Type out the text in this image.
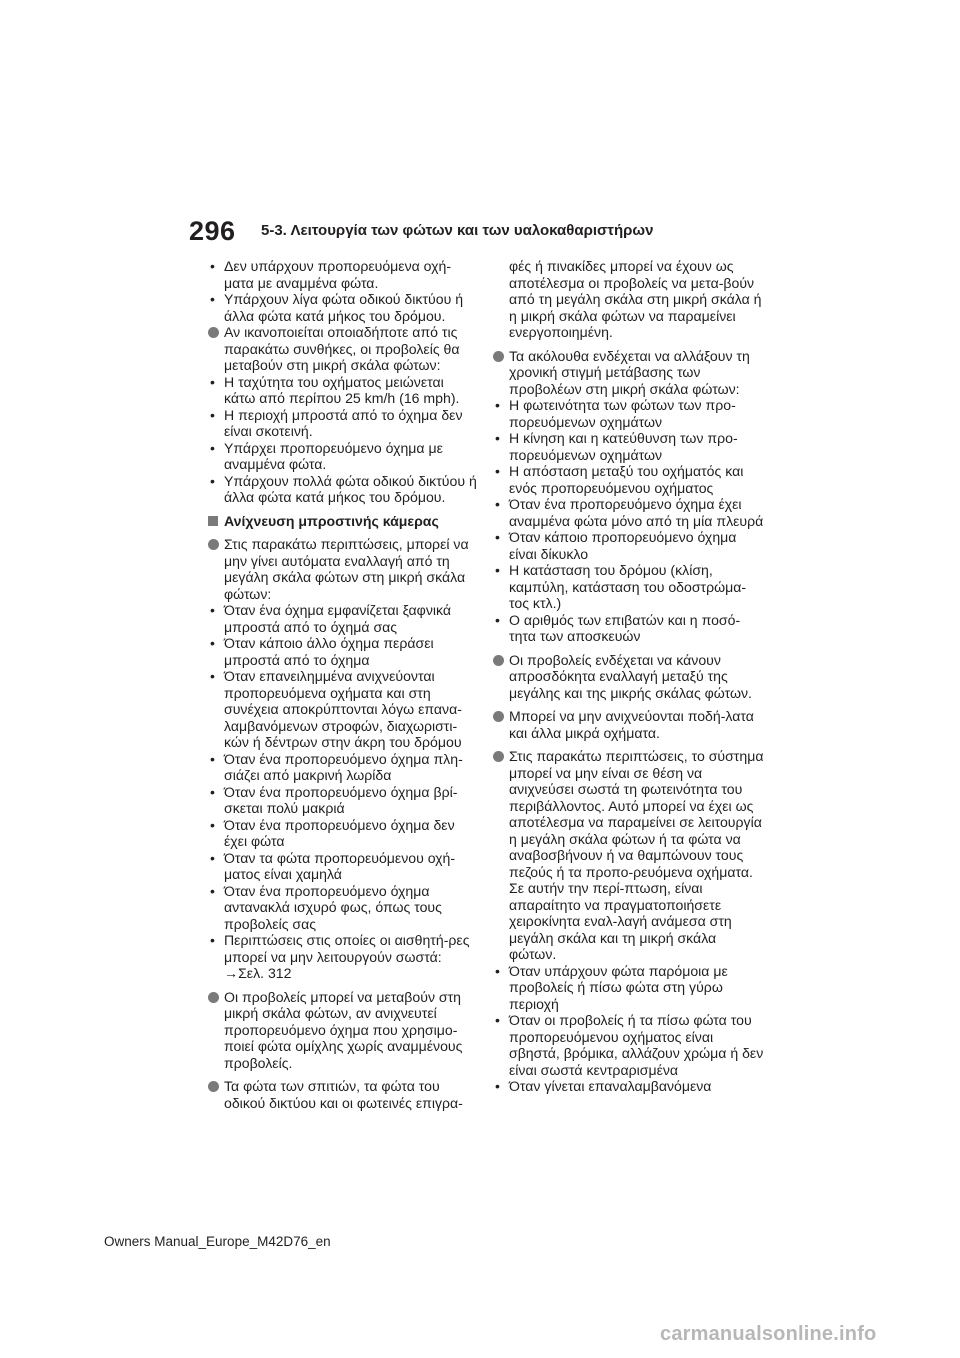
296 5-3. Λειτουργία των φώτων και των υαλοκαθαριστήρων
• Δεν υπάρχουν προπορευόμενα οχή-ματα με αναμμένα φώτα.
• Υπάρχουν λίγα φώτα οδικού δικτύου ή άλλα φώτα κατά μήκος του δρόμου.
Αν ικανοποιείται οποιαδήποτε από τις παρακάτω συνθήκες, οι προβολείς θα μεταβούν στη μικρή σκάλα φώτων:
• Η ταχύτητα του οχήματος μειώνεται κάτω από περίπου 25 km/h (16 mph).
• Η περιοχή μπροστά από το όχημα δεν είναι σκοτεινή.
• Υπάρχει προπορευόμενο όχημα με αναμμένα φώτα.
• Υπάρχουν πολλά φώτα οδικού δικτύου ή άλλα φώτα κατά μήκος του δρόμου.
Ανίχνευση μπροστινής κάμερας
Στις παρακάτω περιπτώσεις, μπορεί να μην γίνει αυτόματα εναλλαγή από τη μεγάλη σκάλα φώτων στη μικρή σκάλα φώτων:
• Όταν ένα όχημα εμφανίζεται ξαφνικά μπροστά από το όχημά σας
• Όταν κάποιο άλλο όχημα περάσει μπροστά από το όχημα
• Όταν επανειλημμένα ανιχνεύονται προπορευόμενα οχήματα και στη συνέχεια αποκρύπτονται λόγω επανα-λαμβανόμενων στροφών, διαχωριστι-κών ή δέντρων στην άκρη του δρόμου
• Όταν ένα προπορευόμενο όχημα πλη-σιάζει από μακρινή λωρίδα
• Όταν ένα προπορευόμενο όχημα βρί-σκεται πολύ μακριά
• Όταν ένα προπορευόμενο όχημα δεν έχει φώτα
• Όταν τα φώτα προπορευόμενου οχή-ματος είναι χαμηλά
• Όταν ένα προπορευόμενο όχημα αντανακλά ισχυρό φως, όπως τους προβολείς σας
• Περιπτώσεις στις οποίες οι αισθητή-ρες μπορεί να μην λειτουργούν σωστά: →Σελ. 312
Οι προβολείς μπορεί να μεταβούν στη μικρή σκάλα φώτων, αν ανιχνευτεί προπορευόμενο όχημα που χρησιμο-ποιεί φώτα ομίχλης χωρίς αναμμένους προβολείς.
Τα φώτα των σπιτιών, τα φώτα του οδικού δικτύου και οι φωτεινές επιγρα-
φές ή πινακίδες μπορεί να έχουν ως αποτέλεσμα οι προβολείς να μετα-βούν από τη μεγάλη σκάλα στη μικρή σκάλα ή η μικρή σκάλα φώτων να παραμείνει ενεργοποιημένη.
Τα ακόλουθα ενδέχεται να αλλάξουν τη χρονική στιγμή μετάβασης των προβολέων στη μικρή σκάλα φώτων:
• Η φωτεινότητα των φώτων των προ-πορευόμενων οχημάτων
• Η κίνηση και η κατεύθυνση των προ-πορευόμενων οχημάτων
• Η απόσταση μεταξύ του οχήματός και ενός προπορευόμενου οχήματος
• Όταν ένα προπορευόμενο όχημα έχει αναμμένα φώτα μόνο από τη μία πλευρά
• Όταν κάποιο προπορευόμενο όχημα είναι δίκυκλο
• Η κατάσταση του δρόμου (κλίση, καμπύλη, κατάσταση του οδοστρώμα-τος κτλ.)
• Ο αριθμός των επιβατών και η ποσό-τητα των αποσκευών
Οι προβολείς ενδέχεται να κάνουν απροσδόκητα εναλλαγή μεταξύ της μεγάλης και της μικρής σκάλας φώτων.
Μπορεί να μην ανιχνεύονται ποδή-λατα και άλλα μικρά οχήματα.
Στις παρακάτω περιπτώσεις, το σύστημα μπορεί να μην είναι σε θέση να ανιχνεύσει σωστά τη φωτεινότητα του περιβάλλοντος. Αυτό μπορεί να έχει ως αποτέλεσμα να παραμείνει σε λειτουργία η μεγάλη σκάλα φώτων ή τα φώτα να αναβοσβήνουν ή να θαμπώνουν τους πεζούς ή τα προπο-ρευόμενα οχήματα. Σε αυτήν την περί-πτωση, είναι απαραίτητο να πραγματοποιήσετε χειροκίνητα εναλ-λαγή ανάμεσα στη μεγάλη σκάλα και τη μικρή σκάλα φώτων.
• Όταν υπάρχουν φώτα παρόμοια με προβολείς ή πίσω φώτα στη γύρω περιοχή
• Όταν οι προβολείς ή τα πίσω φώτα του προπορευόμενου οχήματος είναι σβηστά, βρόμικα, αλλάζουν χρώμα ή δεν είναι σωστά κεντραρισμένα
• Όταν γίνεται επαναλαμβανόμενα
Owners Manual_Europe_M42D76_en
carmanualsonline.info
